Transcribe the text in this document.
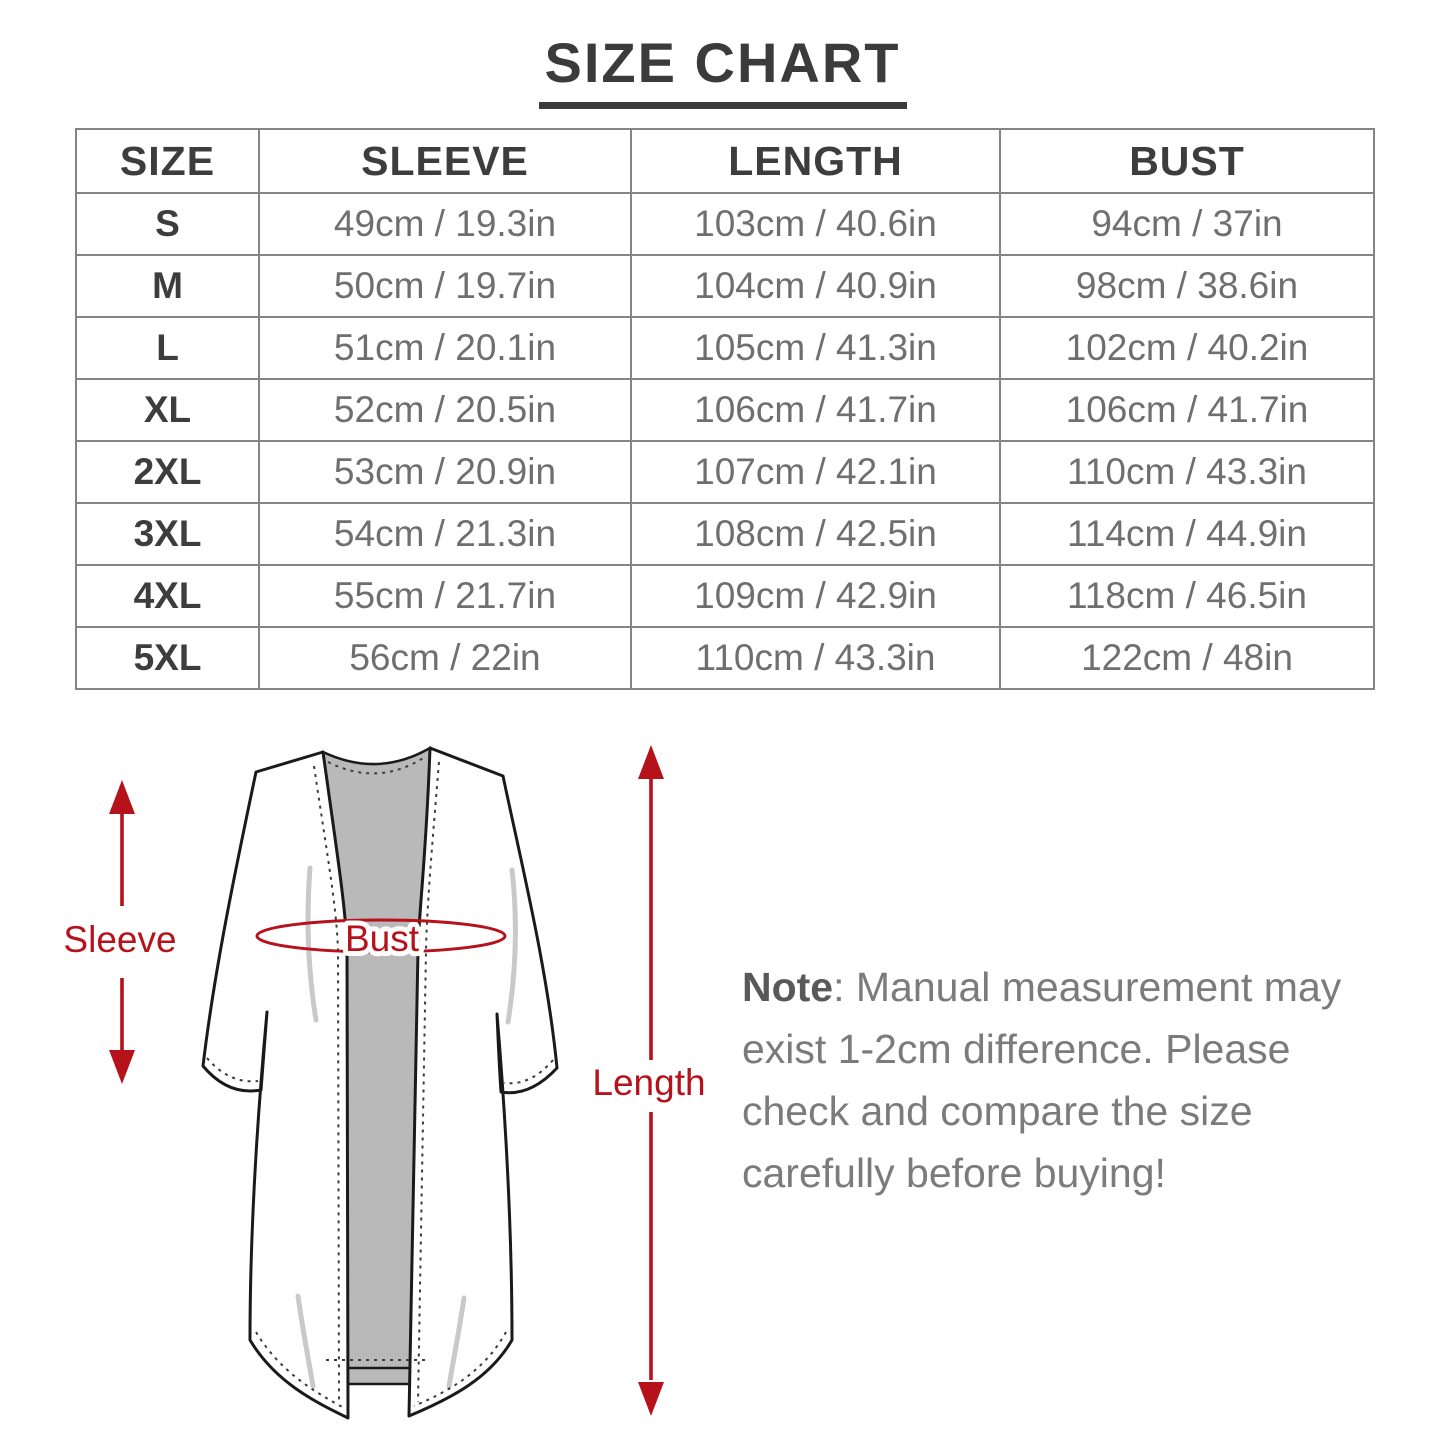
SIZE CHART
SIZE	SLEEVE	LENGTH	BUST
S	49cm / 19.3in	103cm / 40.6in	94cm / 37in
M	50cm / 19.7in	104cm / 40.9in	98cm / 38.6in
L	51cm / 20.1in	105cm / 41.3in	102cm / 40.2in
XL	52cm / 20.5in	106cm / 41.7in	106cm / 41.7in
2XL	53cm / 20.9in	107cm / 42.1in	110cm / 43.3in
3XL	54cm / 21.3in	108cm / 42.5in	114cm / 44.9in
4XL	55cm / 21.7in	109cm / 42.9in	118cm / 46.5in
5XL	56cm / 22in	110cm / 43.3in	122cm / 48in
Sleeve	Bust
Length
Note: Manual measurement may
exist 1-2cm difference. Please
check and compare the size
carefully before buying!
